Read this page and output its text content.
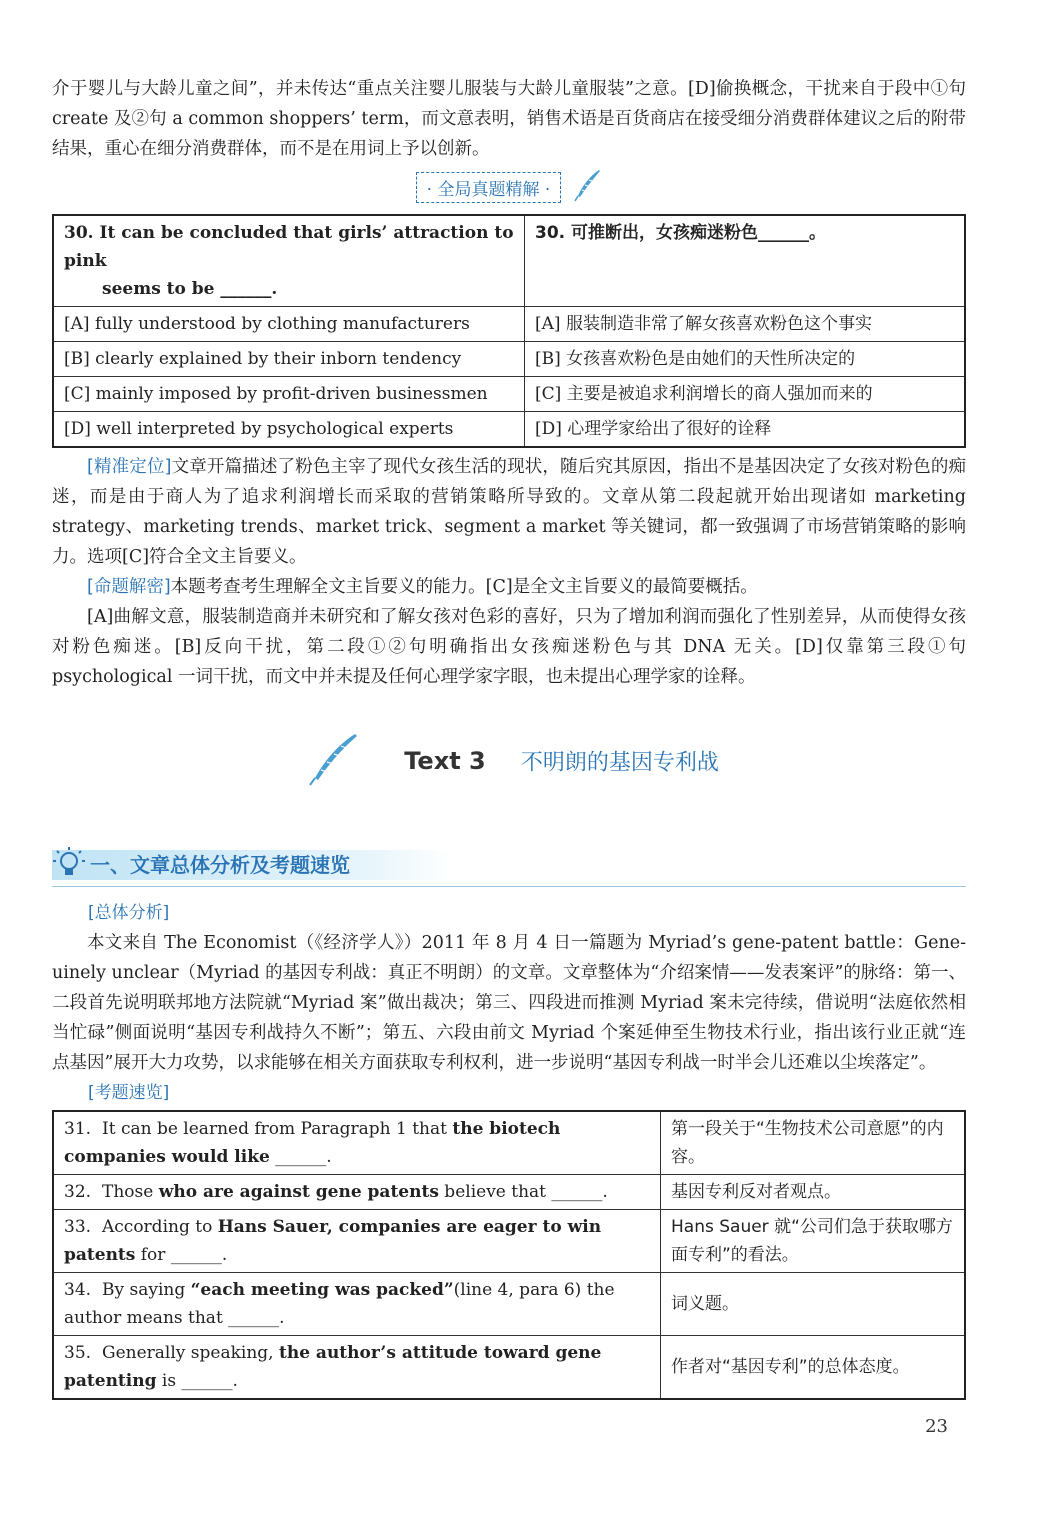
介于婴儿与大龄儿童之间”，并未传达“重点关注婴儿服装与大龄儿童服装”之意。[D]偷换概念，干扰来自于段中①句 create 及②句 a common shoppers’ term，而文意表明，销售术语是百货商店在接受细分消费群体建议之后的附带结果，重心在细分消费群体，而不是在用词上予以创新。

· 全局真题精解 ·
30. It can be concluded that girls’ attraction to pink
seems to be ______.	30. 可推断出，女孩痴迷粉色______。
[A] fully understood by clothing manufacturers	[A] 服装制造非常了解女孩喜欢粉色这个事实
[B] clearly explained by their inborn tendency	[B] 女孩喜欢粉色是由她们的天性所决定的
[C] mainly imposed by profit-driven businessmen	[C] 主要是被追求利润增长的商人强加而来的
[D] well interpreted by psychological experts	[D] 心理学家给出了很好的诠释

[精准定位]文章开篇描述了粉色主宰了现代女孩生活的现状，随后究其原因，指出不是基因决定了女孩对粉色的痴迷，而是由于商人为了追求利润增长而采取的营销策略所导致的。文章从第二段起就开始出现诸如 marketing strategy、marketing trends、market trick、segment a market 等关键词，都一致强调了市场营销策略的影响力。选项[C]符合全文主旨要义。

[命题解密]本题考查考生理解全文主旨要义的能力。[C]是全文主旨要义的最简要概括。

[A]曲解文意，服装制造商并未研究和了解女孩对色彩的喜好，只为了增加利润而强化了性别差异，从而使得女孩对粉色痴迷。[B]反向干扰，第二段①②句明确指出女孩痴迷粉色与其 DNA 无关。[D]仅靠第三段①句 psychological 一词干扰，而文中并未提及任何心理学家字眼，也未提出心理学家的诠释。

Text 3 不明朗的基因专利战
一、文章总体分析及考题速览
[总体分析]

本文来自 The Economist（《经济学人》）2011 年 8 月 4 日一篇题为 Myriad’s gene-patent battle：Gene-uinely unclear（Myriad 的基因专利战：真正不明朗）的文章。文章整体为“介绍案情——发表案评”的脉络：第一、二段首先说明联邦地方法院就“Myriad 案”做出裁决；第三、四段进而推测 Myriad 案未完待续，借说明“法庭依然相当忙碌”侧面说明“基因专利战持久不断”；第五、六段由前文 Myriad 个案延伸至生物技术行业，指出该行业正就“连点基因”展开大力攻势，以求能够在相关方面获取专利权利，进一步说明“基因专利战一时半会儿还难以尘埃落定”。

[考题速览]
31. It can be learned from Paragraph 1 that the biotech companies would like ______.	第一段关于“生物技术公司意愿”的内容。
32. Those who are against gene patents believe that ______.	基因专利反对者观点。
33. According to Hans Sauer, companies are eager to win patents for ______.	Hans Sauer 就“公司们急于获取哪方面专利”的看法。
34. By saying “each meeting was packed”(line 4, para 6) the author means that ______.	词义题。
35. Generally speaking, the author’s attitude toward gene patenting is ______.	作者对“基因专利”的总体态度。
23
